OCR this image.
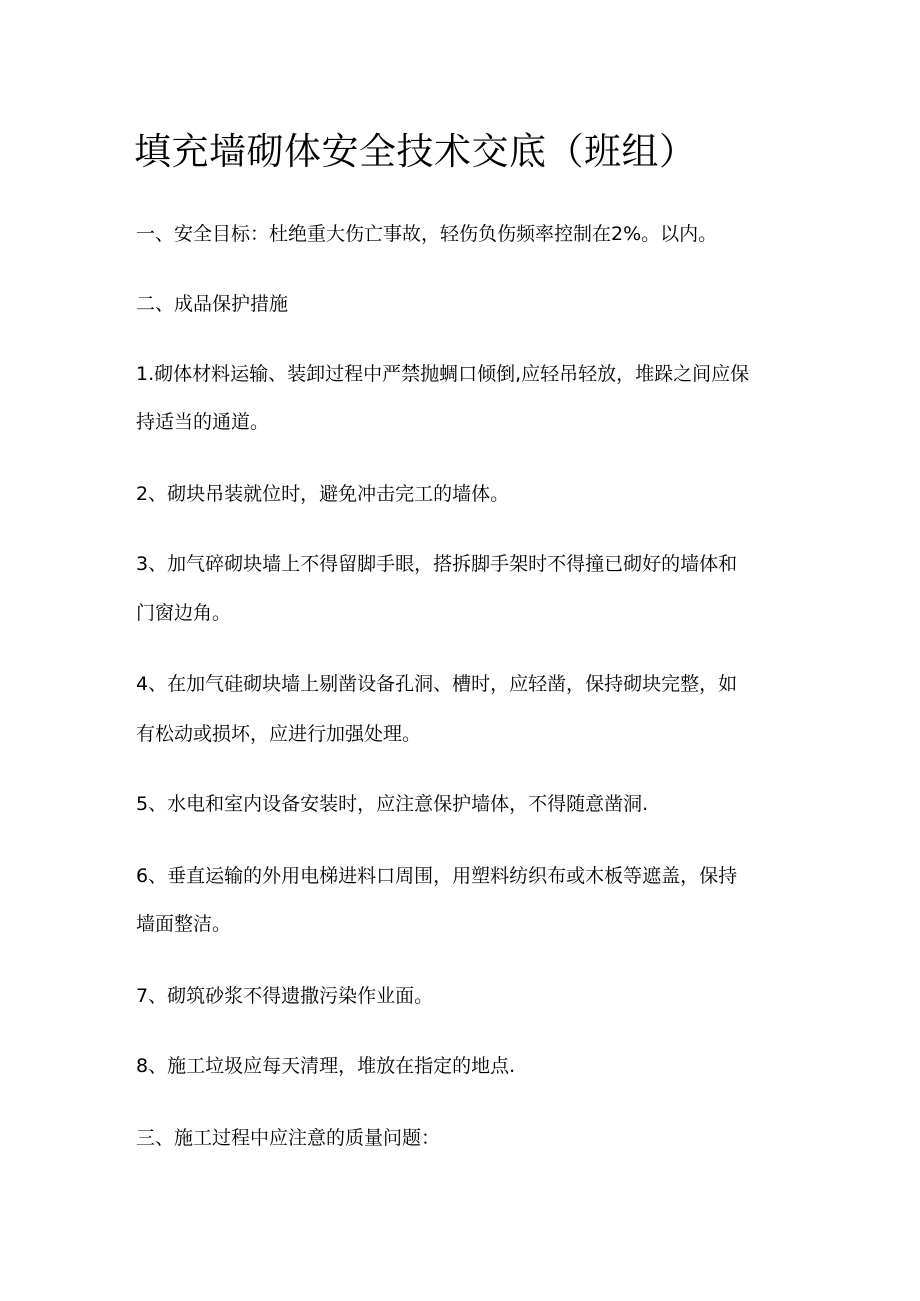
填充墙砌体安全技术交底（班组）
一、安全目标：杜绝重大伤亡事故，轻伤负伤频率控制在2%。以内。
二、成品保护措施
1.砌体材料运输、装卸过程中严禁抛蜩口倾倒,应轻吊轻放，堆跺之间应保
持适当的通道。
2、砌块吊装就位时，避免冲击完工的墙体。
3、加气碎砌块墙上不得留脚手眼，搭拆脚手架时不得撞已砌好的墙体和
门窗边角。
4、在加气硅砌块墙上剔凿设备孔洞、槽时，应轻凿，保持砌块完整，如
有松动或损坏，应进行加强处理。
5、水电和室内设备安装时，应注意保护墙体，不得随意凿洞.
6、垂直运输的外用电梯进料口周围，用塑料纺织布或木板等遮盖，保持
墙面整洁。
7、砌筑砂浆不得遗撒污染作业面。
8、施工垃圾应每天清理，堆放在指定的地点.
三、施工过程中应注意的质量问题：
